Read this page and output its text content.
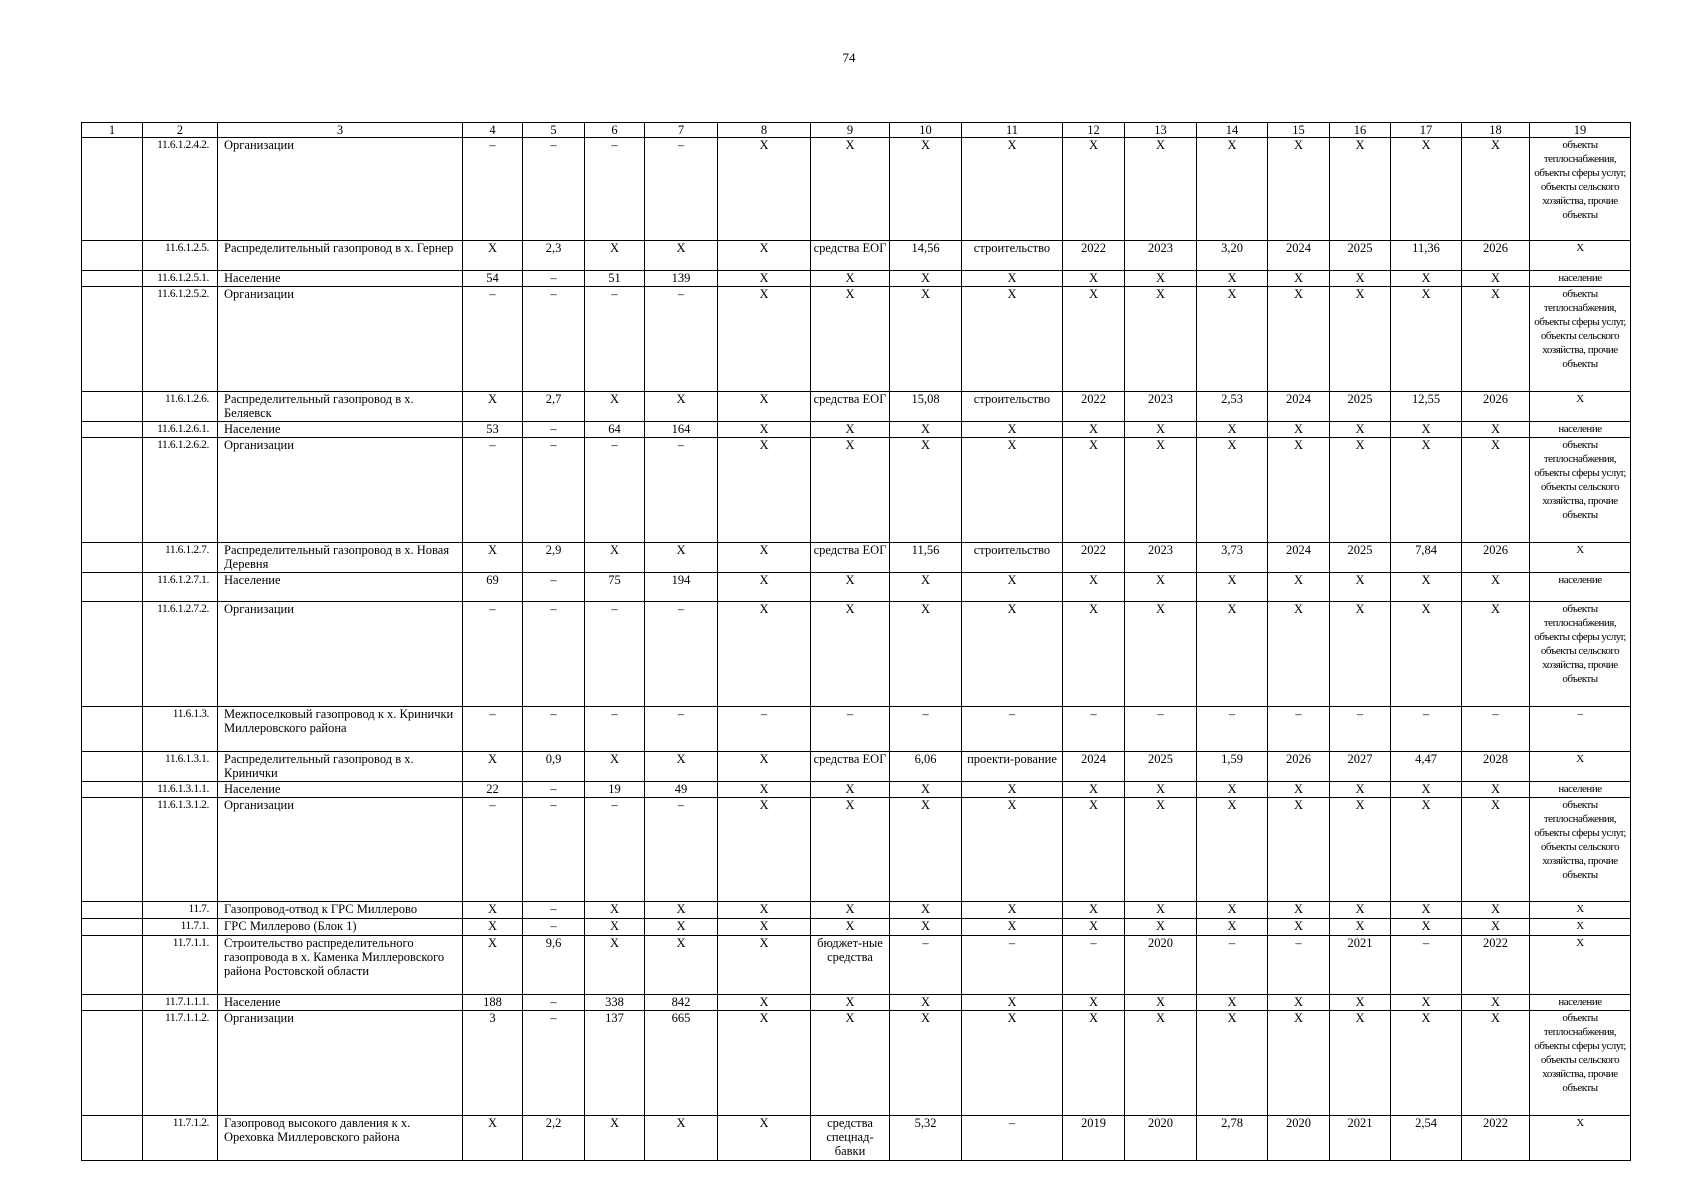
74
1	2	3	4	5	6	7	8	9	10	11	12	13	14	15	16	17	18	19
	11.6.1.2.4.2.	Организации	–	–	–	–	Х	Х	Х	Х	Х	Х	Х	Х	Х	Х	Х	объекты теплоснабжения, объекты сферы услуг, объекты сельского хозяйства, прочие объекты
	11.6.1.2.5.	Распределительный газопровод в х. Гернер	Х	2,3	Х	Х	Х	средства ЕОГ	14,56	строительство	2022	2023	3,20	2024	2025	11,36	2026	Х
	11.6.1.2.5.1.	Население	54	–	51	139	Х	Х	Х	Х	Х	Х	Х	Х	Х	Х	Х	население
	11.6.1.2.5.2.	Организации	–	–	–	–	Х	Х	Х	Х	Х	Х	Х	Х	Х	Х	Х	объекты теплоснабжения, объекты сферы услуг, объекты сельского хозяйства, прочие объекты
	11.6.1.2.6.	Распределительный газопровод в х. Беляевск	Х	2,7	Х	Х	Х	средства ЕОГ	15,08	строительство	2022	2023	2,53	2024	2025	12,55	2026	Х
	11.6.1.2.6.1.	Население	53	–	64	164	Х	Х	Х	Х	Х	Х	Х	Х	Х	Х	Х	население
	11.6.1.2.6.2.	Организации	–	–	–	–	Х	Х	Х	Х	Х	Х	Х	Х	Х	Х	Х	объекты теплоснабжения, объекты сферы услуг, объекты сельского хозяйства, прочие объекты
	11.6.1.2.7.	Распределительный газопровод в х. Новая Деревня	Х	2,9	Х	Х	Х	средства ЕОГ	11,56	строительство	2022	2023	3,73	2024	2025	7,84	2026	Х
	11.6.1.2.7.1.	Население	69	–	75	194	Х	Х	Х	Х	Х	Х	Х	Х	Х	Х	Х	население
	11.6.1.2.7.2.	Организации	–	–	–	–	Х	Х	Х	Х	Х	Х	Х	Х	Х	Х	Х	объекты теплоснабжения, объекты сферы услуг, объекты сельского хозяйства, прочие объекты
	11.6.1.3.	Межпоселковый газопровод к х. Кринички Миллеровского района	–	–	–	–	–	–	–	–	–	–	–	–	–	–	–	–
	11.6.1.3.1.	Распределительный газопровод в х. Кринички	Х	0,9	Х	Х	Х	средства ЕОГ	6,06	проекти-рование	2024	2025	1,59	2026	2027	4,47	2028	Х
	11.6.1.3.1.1.	Население	22	–	19	49	Х	Х	Х	Х	Х	Х	Х	Х	Х	Х	Х	население
	11.6.1.3.1.2.	Организации	–	–	–	–	Х	Х	Х	Х	Х	Х	Х	Х	Х	Х	Х	объекты теплоснабжения, объекты сферы услуг, объекты сельского хозяйства, прочие объекты
	11.7.	Газопровод-отвод к ГРС Миллерово	Х	–	Х	Х	Х	Х	Х	Х	Х	Х	Х	Х	Х	Х	Х	Х
	11.7.1.	ГРС Миллерово (Блок 1)	Х	–	Х	Х	Х	Х	Х	Х	Х	Х	Х	Х	Х	Х	Х	Х
	11.7.1.1.	Строительство распределительного газопровода в х. Каменка Миллеровского района Ростовской области	Х	9,6	Х	Х	Х	бюджет-ные средства	–	–	–	2020	–	–	2021	–	2022	Х
	11.7.1.1.1.	Население	188	–	338	842	Х	Х	Х	Х	Х	Х	Х	Х	Х	Х	Х	население
	11.7.1.1.2.	Организации	3	–	137	665	Х	Х	Х	Х	Х	Х	Х	Х	Х	Х	Х	объекты теплоснабжения, объекты сферы услуг, объекты сельского хозяйства, прочие объекты
	11.7.1.2.	Газопровод высокого давления к х. Ореховка Миллеровского района	Х	2,2	Х	Х	Х	средства спецнад-бавки	5,32	–	2019	2020	2,78	2020	2021	2,54	2022	Х
